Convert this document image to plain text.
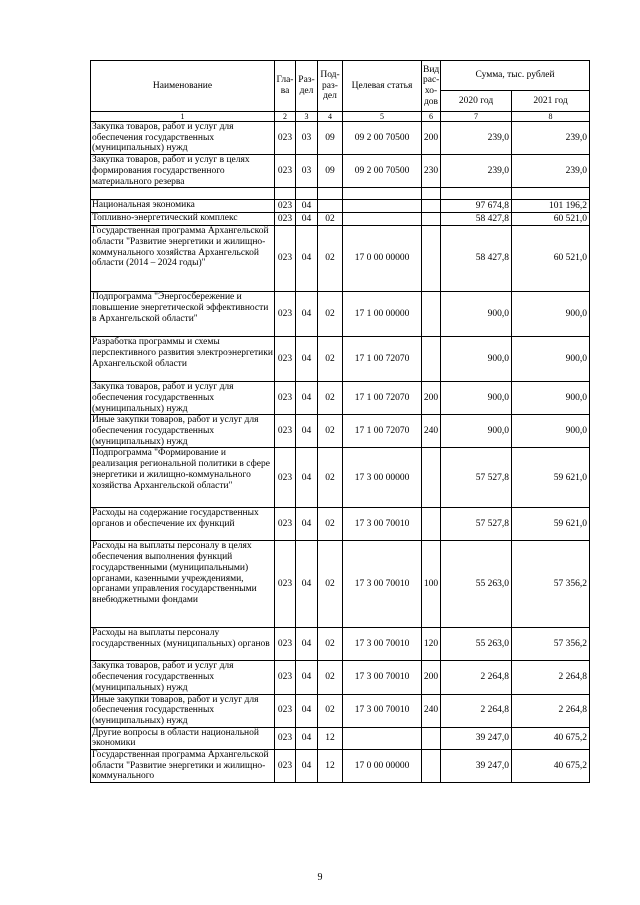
Наименование	Гла-ва	Раз-дел	Под-раз-дел	Целевая статья	Вид рас-хо-дов	Сумма, тыс. рублей	
						2020 год	2021 год
1	2	3	4	5	6	7	8
Закупка товаров, работ и услуг для обеспечения государственных (муниципальных) нужд	023	03	09	09 2 00 70500	200	239,0	239,0
Закупка товаров, работ и услуг в целях формирования государственного материального резерва	023	03	09	09 2 00 70500	230	239,0	239,0

Национальная экономика	023	04				97 674,8	101 196,2
Топливно-энергетический комплекс	023	04	02			58 427,8	60 521,0
Государственная программа Архангельской области "Развитие энергетики и жилищно-коммунального хозяйства Архангельской области (2014 – 2024 годы)"	023	04	02	17 0 00 00000		58 427,8	60 521,0
Подпрограмма "Энергосбережение и повышение энергетической эффективности в Архангельской области"	023	04	02	17 1 00 00000		900,0	900,0
Разработка программы и схемы перспективного развития электроэнергетики Архангельской области	023	04	02	17 1 00 72070		900,0	900,0
Закупка товаров, работ и услуг для обеспечения государственных (муниципальных) нужд	023	04	02	17 1 00 72070	200	900,0	900,0
Иные закупки товаров, работ и услуг для обеспечения государственных (муниципальных) нужд	023	04	02	17 1 00 72070	240	900,0	900,0
Подпрограмма "Формирование и реализация региональной политики в сфере энергетики и жилищно-коммунального хозяйства Архангельской области"	023	04	02	17 3 00 00000		57 527,8	59 621,0
Расходы на содержание государственных органов и обеспечение их функций	023	04	02	17 3 00 70010		57 527,8	59 621,0
Расходы на выплаты персоналу в целях обеспечения выполнения функций государственными (муниципальными) органами, казенными учреждениями, органами управления государственными внебюджетными фондами	023	04	02	17 3 00 70010	100	55 263,0	57 356,2
Расходы на выплаты персоналу государственных (муниципальных) органов	023	04	02	17 3 00 70010	120	55 263,0	57 356,2
Закупка товаров, работ и услуг для обеспечения государственных (муниципальных) нужд	023	04	02	17 3 00 70010	200	2 264,8	2 264,8
Иные закупки товаров, работ и услуг для обеспечения государственных (муниципальных) нужд	023	04	02	17 3 00 70010	240	2 264,8	2 264,8
Другие вопросы в области национальной экономики	023	04	12			39 247,0	40 675,2
Государственная программа Архангельской области "Развитие энергетики и жилищно-коммунального	023	04	12	17 0 00 00000		39 247,0	40 675,2
9
